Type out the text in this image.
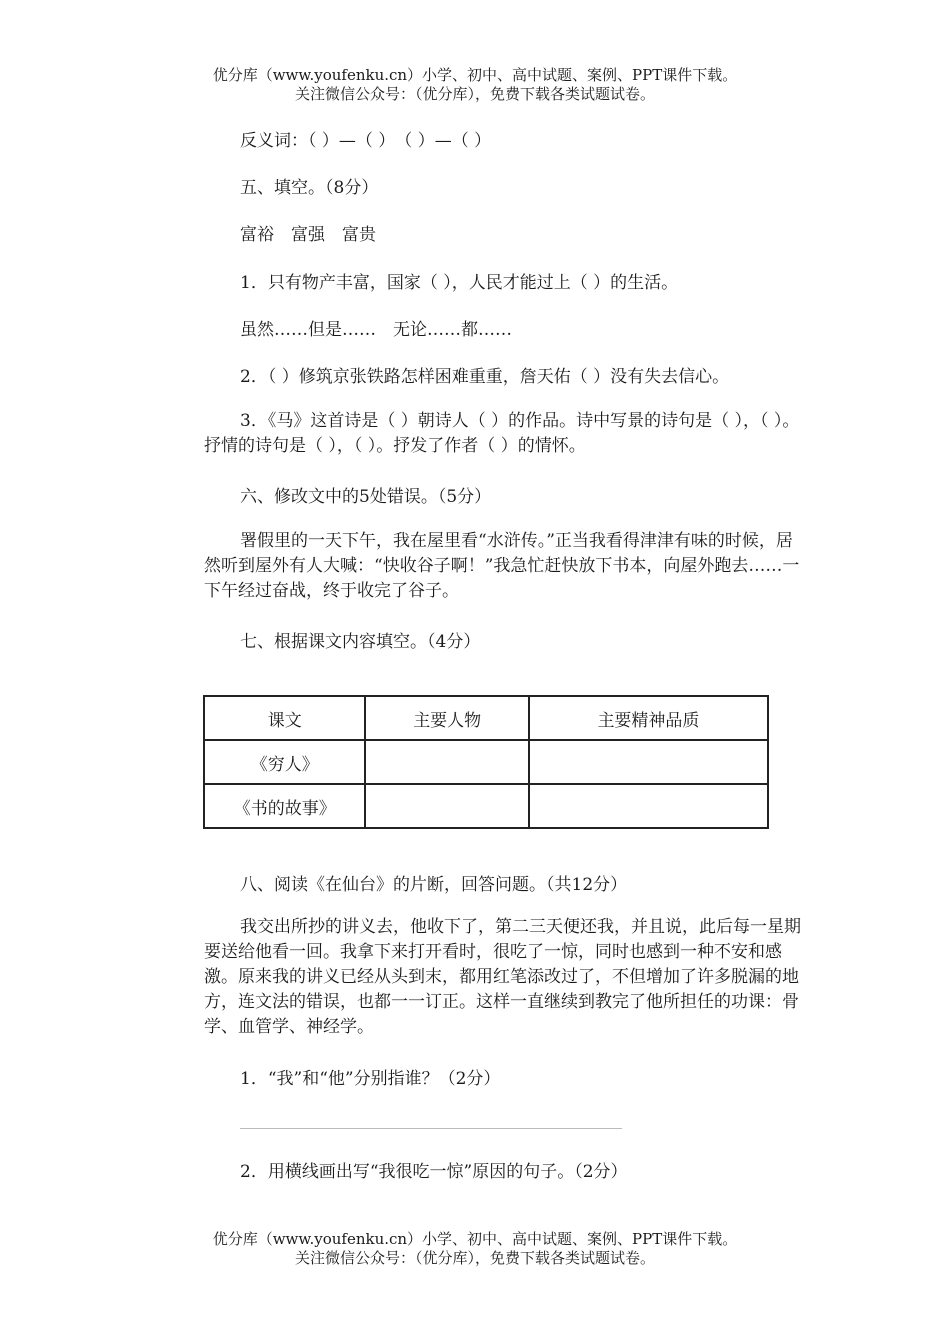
优分库（www.youfenku.cn）小学、初中、高中试题、案例、PPT课件下载。
关注微信公众号：（优分库），免费下载各类试题试卷。
反义词：（ ）—（ ）　（ ）—（ ）
五、填空。（8分）
富裕　富强　富贵
1．只有物产丰富，国家（ ），人民才能过上（ ）的生活。
虽然……但是……　无论……都……
2．（ ）修筑京张铁路怎样困难重重，詹天佑（ ）没有失去信心。
3．《马》这首诗是（ ）朝诗人（ ）的作品。诗中写景的诗句是（ ），（ ）。抒情的诗句是（ ），（ ）。抒发了作者（ ）的情怀。
六、修改文中的5处错误。（5分）
署假里的一天下午，我在屋里看“水浒传。”正当我看得津津有味的时候，居然听到屋外有人大喊：“快收谷子啊！”我急忙赶快放下书本，向屋外跑去……一下午经过奋战，终于收完了谷子。
七、根据课文内容填空。（4分）
课文	主要人物	主要精神品质
《穷人》		
《书的故事》		
八、阅读《在仙台》的片断，回答问题。（共12分）
我交出所抄的讲义去，他收下了，第二三天便还我，并且说，此后每一星期要送给他看一回。我拿下来打开看时，很吃了一惊，同时也感到一种不安和感激。原来我的讲义已经从头到末，都用红笔添改过了，不但增加了许多脱漏的地方，连文法的错误，也都一一订正。这样一直继续到教完了他所担任的功课：骨学、血管学、神经学。
1．“我”和“他”分别指谁？（2分）
2．用横线画出写“我很吃一惊”原因的句子。（2分）
优分库（www.youfenku.cn）小学、初中、高中试题、案例、PPT课件下载。
关注微信公众号：（优分库），免费下载各类试题试卷。
